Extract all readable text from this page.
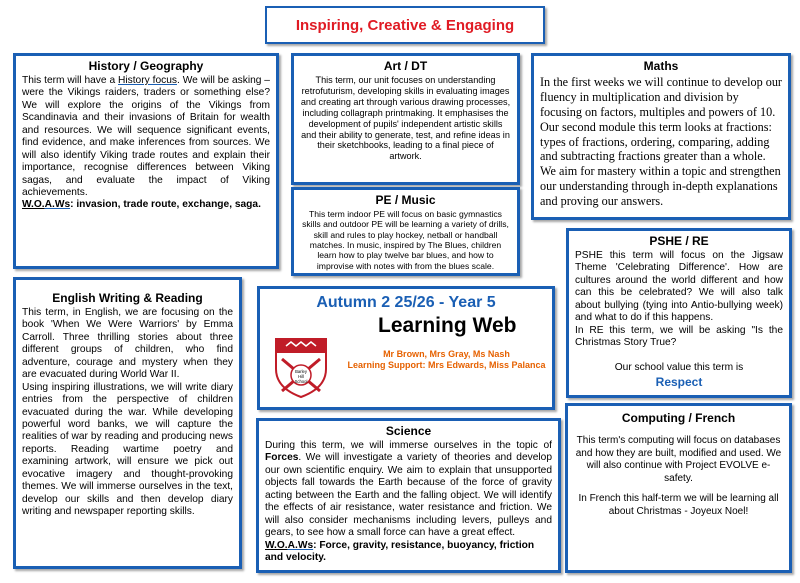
Inspiring, Creative & Engaging
History / Geography

This term will have a History focus. We will be asking – were the Vikings raiders, traders or something else? We will explore the origins of the Vikings from Scandinavia and their invasions of Britain for wealth and resources. We will sequence significant events, find evidence, and make inferences from sources. We will also identify Viking trade routes and explain their importance, recognise differences between Viking sagas, and evaluate the impact of Viking achievements.

W.O.A.Ws: invasion, trade route, exchange, saga.

Art / DT

This term, our unit focuses on understanding retrofuturism, developing skills in evaluating images and creating art through various drawing processes, including collagraph printmaking. It emphasises the development of pupils' independent artistic skills and their ability to generate, test, and refine ideas in their sketchbooks, leading to a final piece of artwork.

PE / Music

This term indoor PE will focus on basic gymnastics skills and outdoor PE will be learning a variety of drills, skill and rules to play hockey, netball or handball matches. In music, inspired by The Blues, children learn how to play twelve bar blues, and how to improvise with notes with from the blues scale.

Maths

In the first weeks we will continue to develop our fluency in multiplication and division by focusing on factors, multiples and powers of 10. Our second module this term looks at fractions: types of fractions, ordering, comparing, adding and subtracting fractions greater than a whole. We aim for mastery within a topic and strengthen our understanding through in-depth explanations and proving our answers.

PSHE / RE

PSHE this term will focus on the Jigsaw Theme 'Celebrating Difference'. How are cultures around the world different and how can this be celebrated? We will also talk about bullying (tying into Antio-bullying week) and what to do if this happens.

In RE this term, we will be asking "Is the Christmas Story True?

Our school value this term is

Respect

English Writing & Reading

This term, in English, we are focusing on the book 'When We Were Warriors' by Emma Carroll. Three thrilling stories about three different groups of children, who find adventure, courage and mystery when they are evacuated during World War II.

Using inspiring illustrations, we will write diary entries from the perspective of children evacuated during the war. While developing powerful word banks, we will capture the realities of war by reading and producing news reports. Reading wartime poetry and examining artwork, will ensure we pick out evocative imagery and thought-provoking themes. We will immerse ourselves in the text, develop our skills and then develop diary writing and newspaper reporting skills.

Autumn 2 25/26 - Year 5
Learning Web
Barley
Hill
School
Mr Brown, Mrs Gray, Ms Nash
Learning Support: Mrs Edwards, Miss Palanca
Science

During this term, we will immerse ourselves in the topic of Forces. We will investigate a variety of theories and develop our own scientific enquiry. We aim to explain that unsupported objects fall towards the Earth because of the force of gravity acting between the Earth and the falling object. We will identify the effects of air resistance, water resistance and friction. We will also consider mechanisms including levers, pulleys and gears, to see how a small force can have a great effect.

W.O.A.Ws: Force, gravity, resistance, buoyancy, friction and velocity.

Computing / French

This term's computing will focus on databases and how they are built, modified and used. We will also continue with Project EVOLVE e-safety.

In French this half-term we will be learning all about Christmas - Joyeux Noel!
